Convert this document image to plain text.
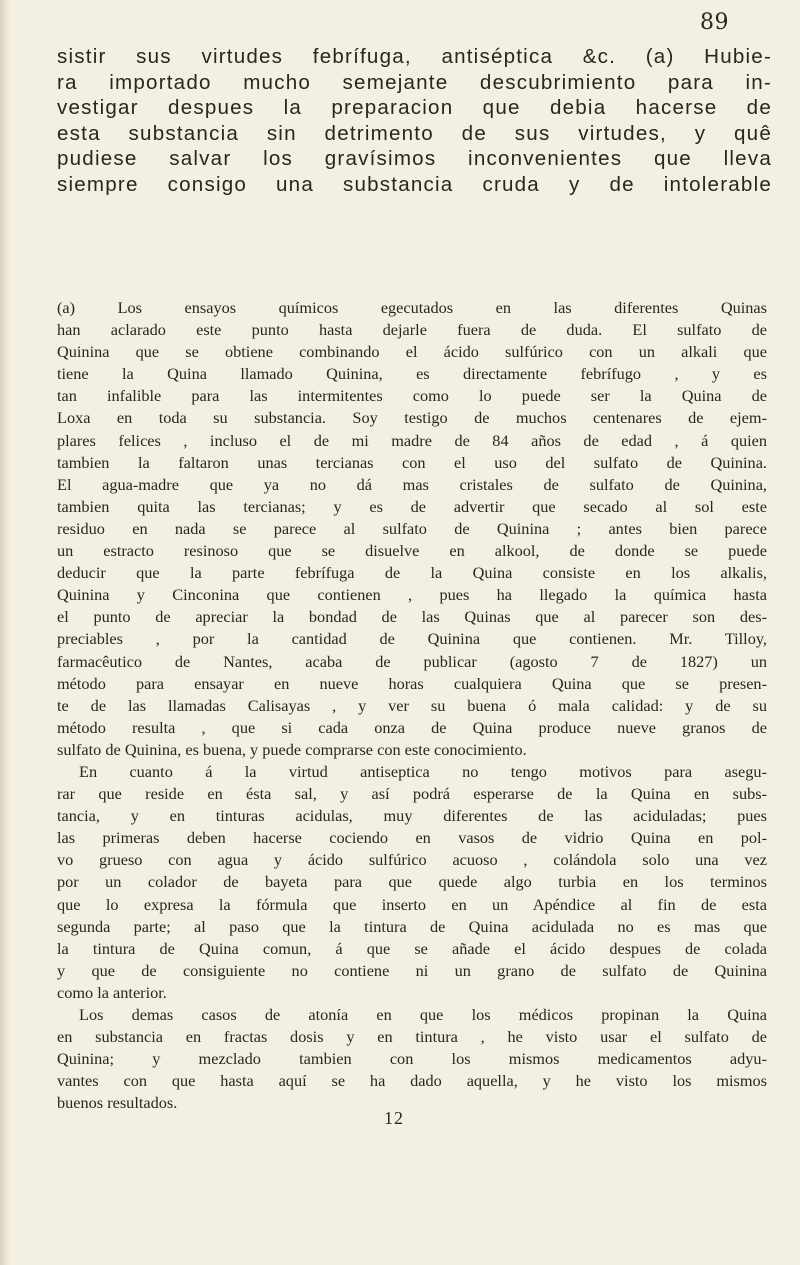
89
sistir sus virtudes febrífuga, antiséptica &c. (a) Hubie-
ra importado mucho semejante descubrimiento para in-
vestigar despues la preparacion que debia hacerse de
esta substancia sin detrimento de sus virtudes, y quê
pudiese salvar los gravísimos inconvenientes que lleva
siempre consigo una substancia cruda y de intolerable
(a) Los ensayos químicos egecutados en las diferentes Quinas
han aclarado este punto hasta dejarle fuera de duda. El sulfato de
Quinina que se obtiene combinando el ácido sulfúrico con un alkali que
tiene la Quina llamado Quinina, es directamente febrífugo , y es
tan infalible para las intermitentes como lo puede ser la Quina de
Loxa en toda su substancia. Soy testigo de muchos centenares de ejem-
plares felices , incluso el de mi madre de 84 años de edad , á quien
tambien la faltaron unas tercianas con el uso del sulfato de Quinina.
El agua-madre que ya no dá mas cristales de sulfato de Quinina,
tambien quita las tercianas; y es de advertir que secado al sol este
residuo en nada se parece al sulfato de Quinina ; antes bien parece
un estracto resinoso que se disuelve en alkool, de donde se puede
deducir que la parte febrífuga de la Quina consiste en los alkalis,
Quinina y Cinconina que contienen , pues ha llegado la química hasta
el punto de apreciar la bondad de las Quinas que al parecer son des-
preciables , por la cantidad de Quinina que contienen. Mr. Tilloy,
farmacêutico de Nantes, acaba de publicar (agosto 7 de 1827) un
método para ensayar en nueve horas cualquiera Quina que se presen-
te de las llamadas Calisayas , y ver su buena ó mala calidad: y de su
método resulta , que si cada onza de Quina produce nueve granos de
sulfato de Quinina, es buena, y puede comprarse con este conocimiento.
En cuanto á la virtud antiseptica no tengo motivos para asegu-
rar que reside en ésta sal, y así podrá esperarse de la Quina en subs-
tancia, y en tinturas acidulas, muy diferentes de las aciduladas; pues
las primeras deben hacerse cociendo en vasos de vidrio Quina en pol-
vo grueso con agua y ácido sulfúrico acuoso , colándola solo una vez
por un colador de bayeta para que quede algo turbia en los terminos
que lo expresa la fórmula que inserto en un Apéndice al fin de esta
segunda parte; al paso que la tintura de Quina acidulada no es mas que
la tintura de Quina comun, á que se añade el ácido despues de colada
y que de consiguiente no contiene ni un grano de sulfato de Quinina
como la anterior.
Los demas casos de atonía en que los médicos propinan la Quina
en substancia en fractas dosis y en tintura , he visto usar el sulfato de
Quinina; y mezclado tambien con los mismos medicamentos adyu-
vantes con que hasta aquí se ha dado aquella, y he visto los mismos
buenos resultados.
12
